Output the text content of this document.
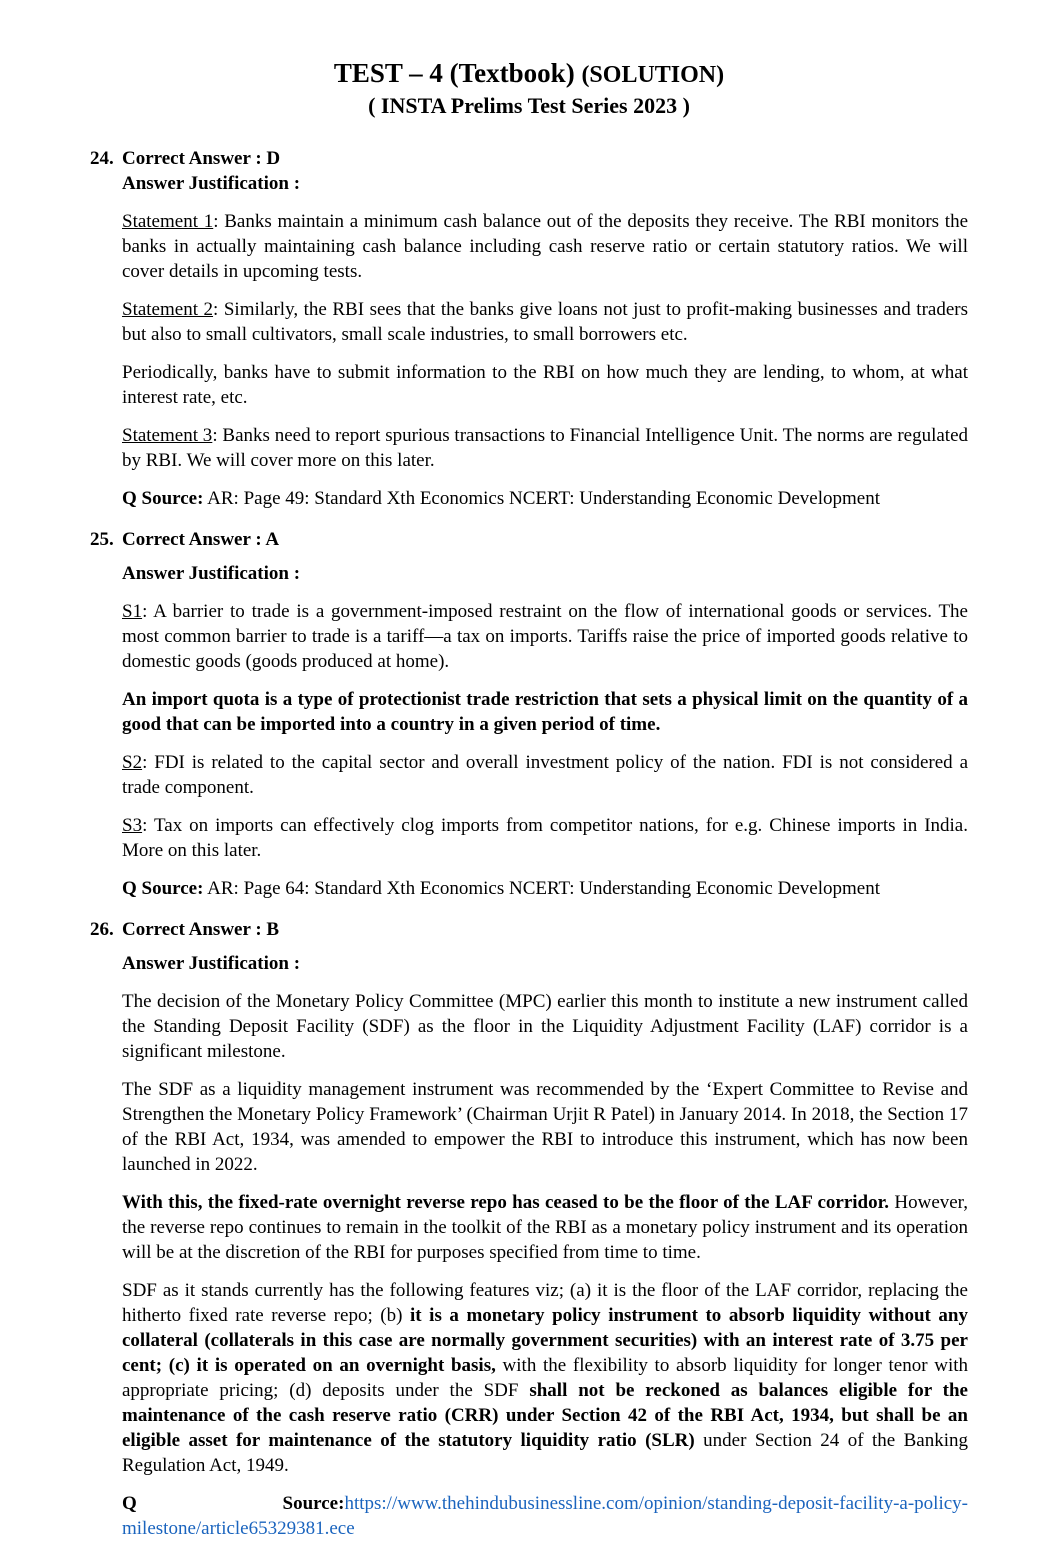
TEST – 4 (Textbook) (SOLUTION)
( INSTA Prelims Test Series 2023 )
24. Correct Answer : D

Answer Justification :

Statement 1: Banks maintain a minimum cash balance out of the deposits they receive. The RBI monitors the banks in actually maintaining cash balance including cash reserve ratio or certain statutory ratios. We will cover details in upcoming tests.

Statement 2: Similarly, the RBI sees that the banks give loans not just to profit-making businesses and traders but also to small cultivators, small scale industries, to small borrowers etc.

Periodically, banks have to submit information to the RBI on how much they are lending, to whom, at what interest rate, etc.

Statement 3: Banks need to report spurious transactions to Financial Intelligence Unit. The norms are regulated by RBI. We will cover more on this later.

Q Source: AR: Page 49: Standard Xth Economics NCERT: Understanding Economic Development

25. Correct Answer : A

Answer Justification :

S1: A barrier to trade is a government-imposed restraint on the flow of international goods or services. The most common barrier to trade is a tariff—a tax on imports. Tariffs raise the price of imported goods relative to domestic goods (goods produced at home).

An import quota is a type of protectionist trade restriction that sets a physical limit on the quantity of a good that can be imported into a country in a given period of time.

S2: FDI is related to the capital sector and overall investment policy of the nation. FDI is not considered a trade component.

S3: Tax on imports can effectively clog imports from competitor nations, for e.g. Chinese imports in India. More on this later.

Q Source: AR: Page 64: Standard Xth Economics NCERT: Understanding Economic Development

26. Correct Answer : B

Answer Justification :

The decision of the Monetary Policy Committee (MPC) earlier this month to institute a new instrument called the Standing Deposit Facility (SDF) as the floor in the Liquidity Adjustment Facility (LAF) corridor is a significant milestone.

The SDF as a liquidity management instrument was recommended by the ‘Expert Committee to Revise and Strengthen the Monetary Policy Framework’ (Chairman Urjit R Patel) in January 2014. In 2018, the Section 17 of the RBI Act, 1934, was amended to empower the RBI to introduce this instrument, which has now been launched in 2022.

With this, the fixed-rate overnight reverse repo has ceased to be the floor of the LAF corridor. However, the reverse repo continues to remain in the toolkit of the RBI as a monetary policy instrument and its operation will be at the discretion of the RBI for purposes specified from time to time.

SDF as it stands currently has the following features viz; (a) it is the floor of the LAF corridor, replacing the hitherto fixed rate reverse repo; (b) it is a monetary policy instrument to absorb liquidity without any collateral (collaterals in this case are normally government securities) with an interest rate of 3.75 per cent; (c) it is operated on an overnight basis, with the flexibility to absorb liquidity for longer tenor with appropriate pricing; (d) deposits under the SDF shall not be reckoned as balances eligible for the maintenance of the cash reserve ratio (CRR) under Section 42 of the RBI Act, 1934, but shall be an eligible asset for maintenance of the statutory liquidity ratio (SLR) under Section 24 of the Banking Regulation Act, 1949.

Q Source:https://www.thehindubusinessline.com/opinion/standing-deposit-facility-a-policy-milestone/article65329381.ece
